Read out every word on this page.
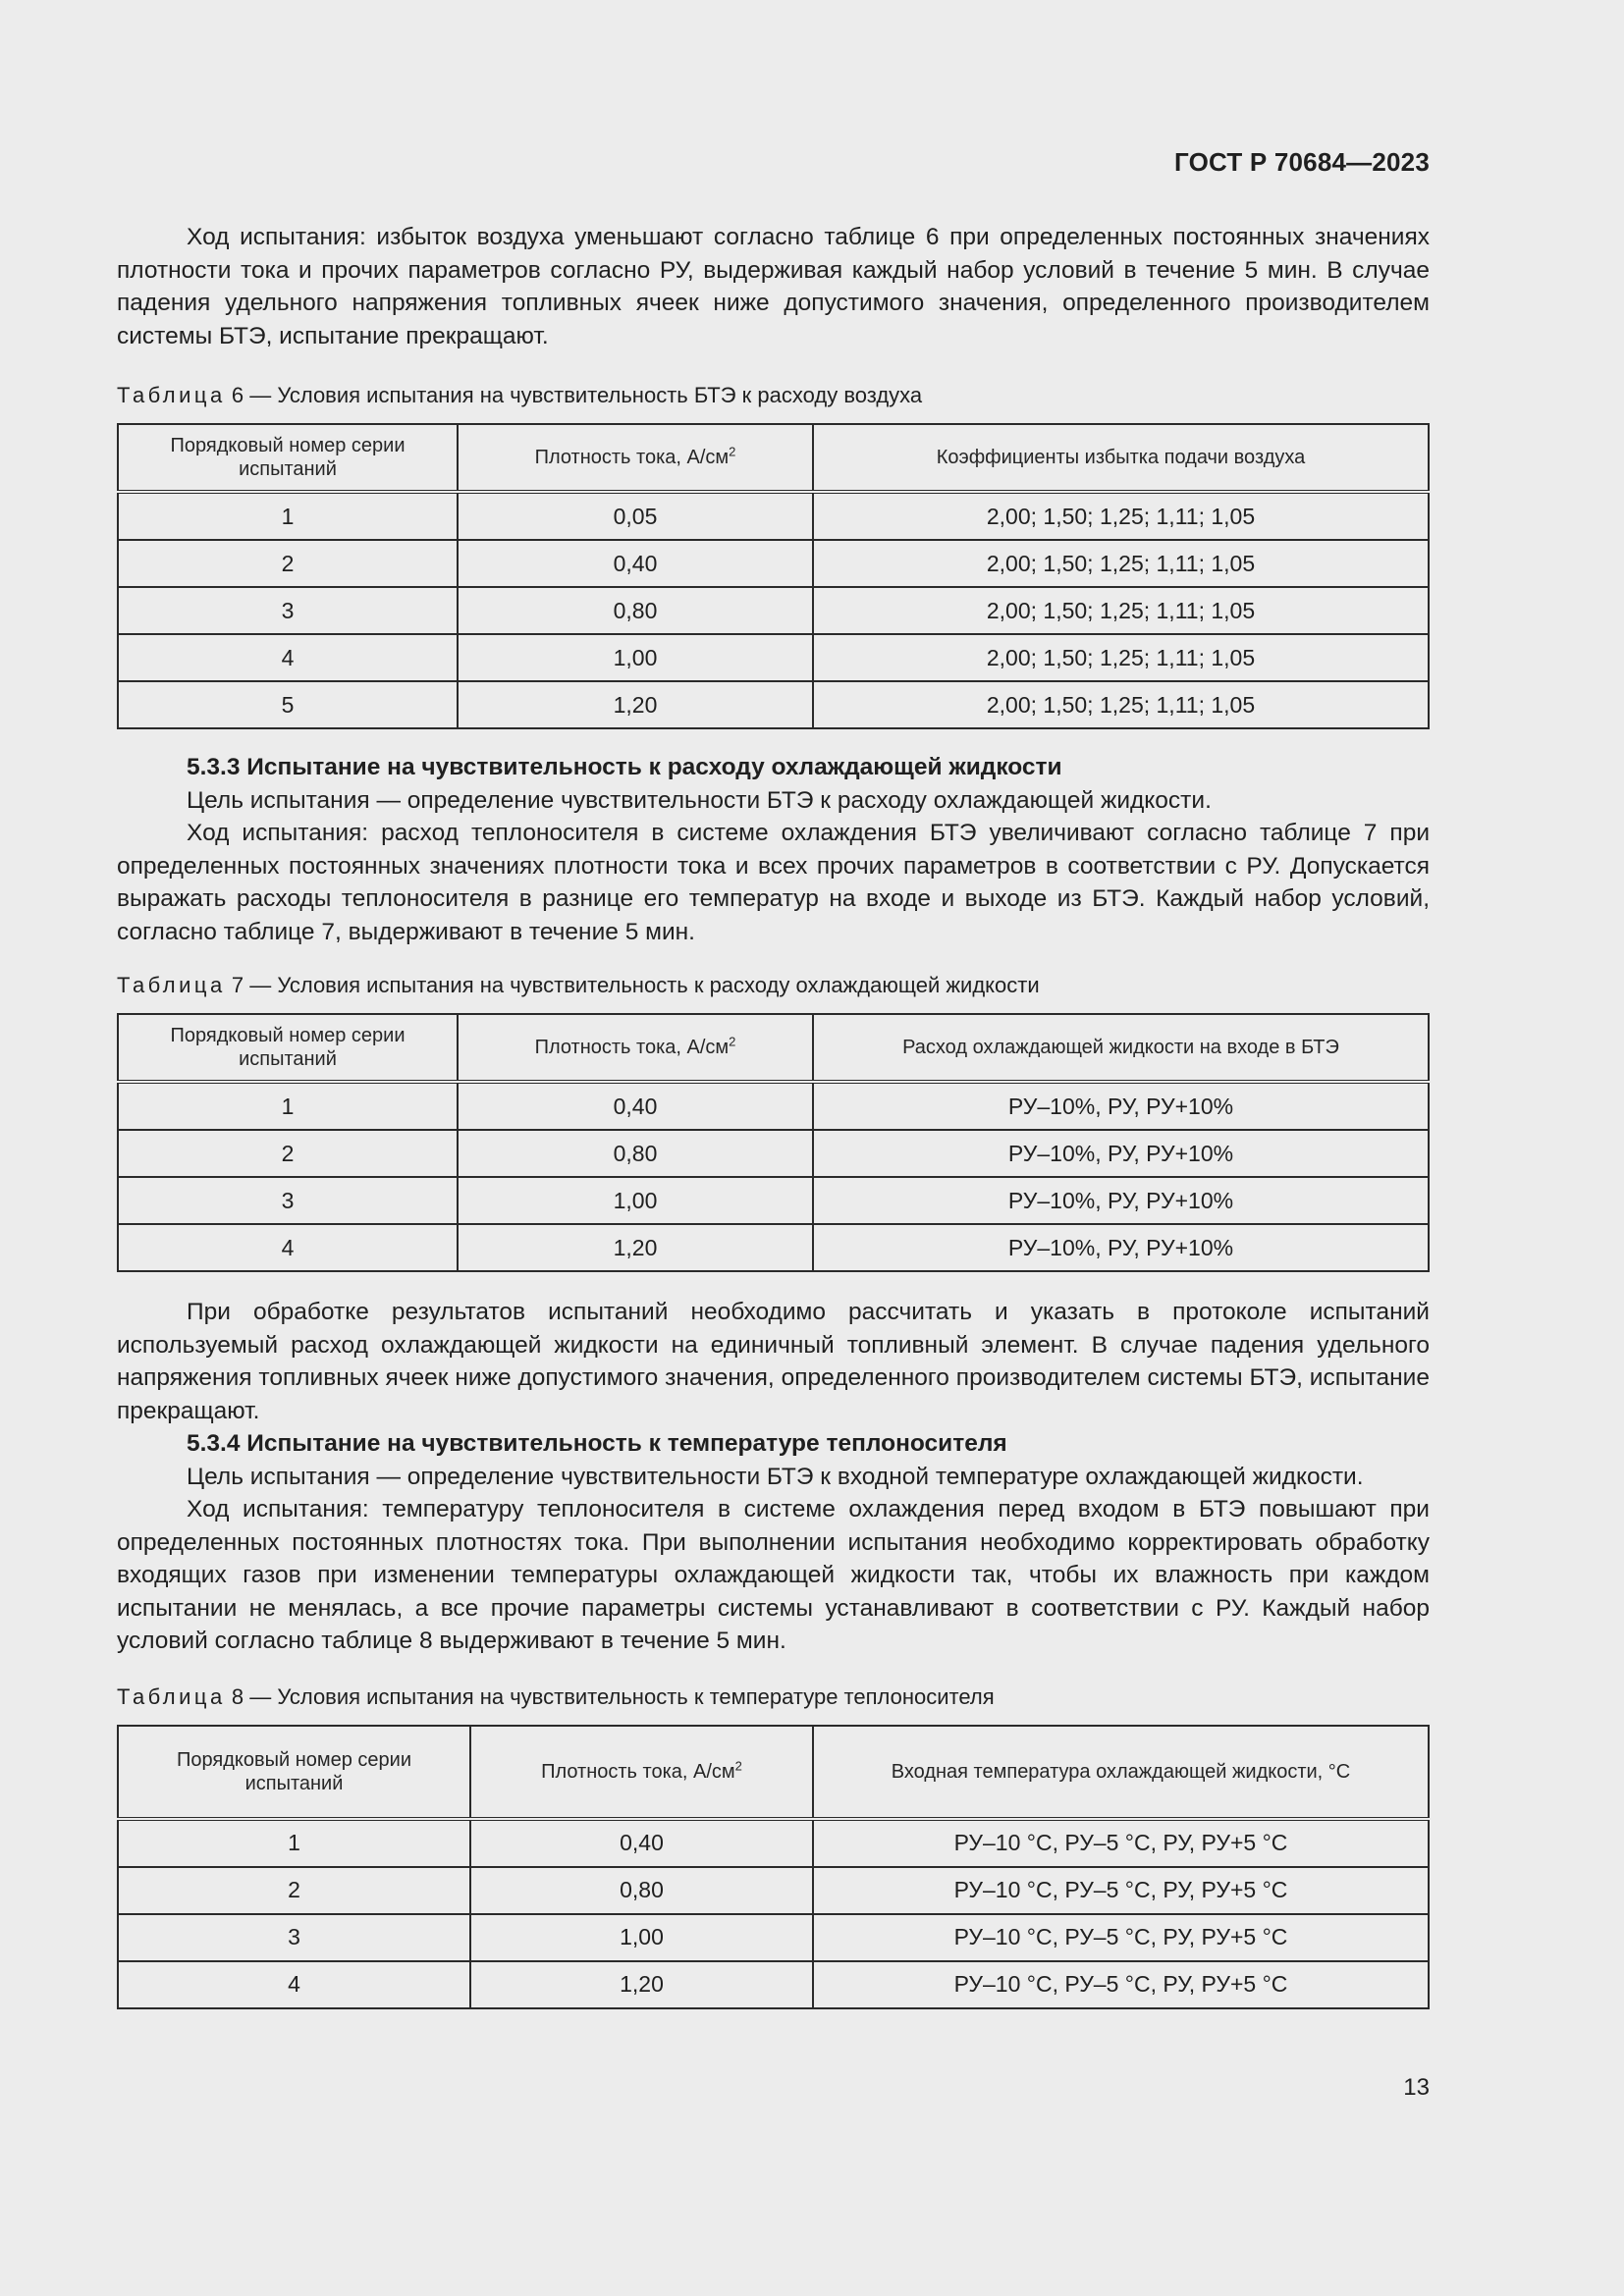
ГОСТ Р 70684—2023

Ход испытания: избыток воздуха уменьшают согласно таблице 6 при определенных постоянных значениях плотности тока и прочих параметров согласно РУ, выдерживая каждый набор условий в течение 5 мин. В случае падения удельного напряжения топливных ячеек ниже допустимого значения, определенного производителем системы БТЭ, испытание прекращают.

Таблица 6 — Условия испытания на чувствительность БТЭ к расходу воздуха
Порядковый номер серии испытаний	Плотность тока, $А/см^2$	Коэффициенты избытка подачи воздуха
1	0,05	2,00; 1,50; 1,25; 1,11; 1,05
2	0,40	2,00; 1,50; 1,25; 1,11; 1,05
3	0,80	2,00; 1,50; 1,25; 1,11; 1,05
4	1,00	2,00; 1,50; 1,25; 1,11; 1,05
5	1,20	2,00; 1,50; 1,25; 1,11; 1,05
5.3.3 Испытание на чувствительность к расходу охлаждающей жидкости

Цель испытания — определение чувствительности БТЭ к расходу охлаждающей жидкости.

Ход испытания: расход теплоносителя в системе охлаждения БТЭ увеличивают согласно таблице 7 при определенных постоянных значениях плотности тока и всех прочих параметров в соответствии с РУ. Допускается выражать расходы теплоносителя в разнице его температур на входе и выходе из БТЭ. Каждый набор условий, согласно таблице 7, выдерживают в течение 5 мин.

Таблица 7 — Условия испытания на чувствительность к расходу охлаждающей жидкости
Порядковый номер серии испытаний	Плотность тока, $А/см^2$	Расход охлаждающей жидкости на входе в БТЭ
1	0,40	РУ–10%, РУ, РУ+10%
2	0,80	РУ–10%, РУ, РУ+10%
3	1,00	РУ–10%, РУ, РУ+10%
4	1,20	РУ–10%, РУ, РУ+10%

При обработке результатов испытаний необходимо рассчитать и указать в протоколе испытаний используемый расход охлаждающей жидкости на единичный топливный элемент. В случае падения удельного напряжения топливных ячеек ниже допустимого значения, определенного производителем системы БТЭ, испытание прекращают.

5.3.4 Испытание на чувствительность к температуре теплоносителя

Цель испытания — определение чувствительности БТЭ к входной температуре охлаждающей жидкости.

Ход испытания: температуру теплоносителя в системе охлаждения перед входом в БТЭ повышают при определенных постоянных плотностях тока. При выполнении испытания необходимо корректировать обработку входящих газов при изменении температуры охлаждающей жидкости так, чтобы их влажность при каждом испытании не менялась, а все прочие параметры системы устанавливают в соответствии с РУ. Каждый набор условий согласно таблице 8 выдерживают в течение 5 мин.

Таблица 8 — Условия испытания на чувствительность к температуре теплоносителя
Порядковый номер серии испытаний	Плотность тока, $А/см^2$	Входная температура охлаждающей жидкости, °С
1	0,40	РУ–10 °С, РУ–5 °С, РУ, РУ+5 °С
2	0,80	РУ–10 °С, РУ–5 °С, РУ, РУ+5 °С
3	1,00	РУ–10 °С, РУ–5 °С, РУ, РУ+5 °С
4	1,20	РУ–10 °С, РУ–5 °С, РУ, РУ+5 °С
13
